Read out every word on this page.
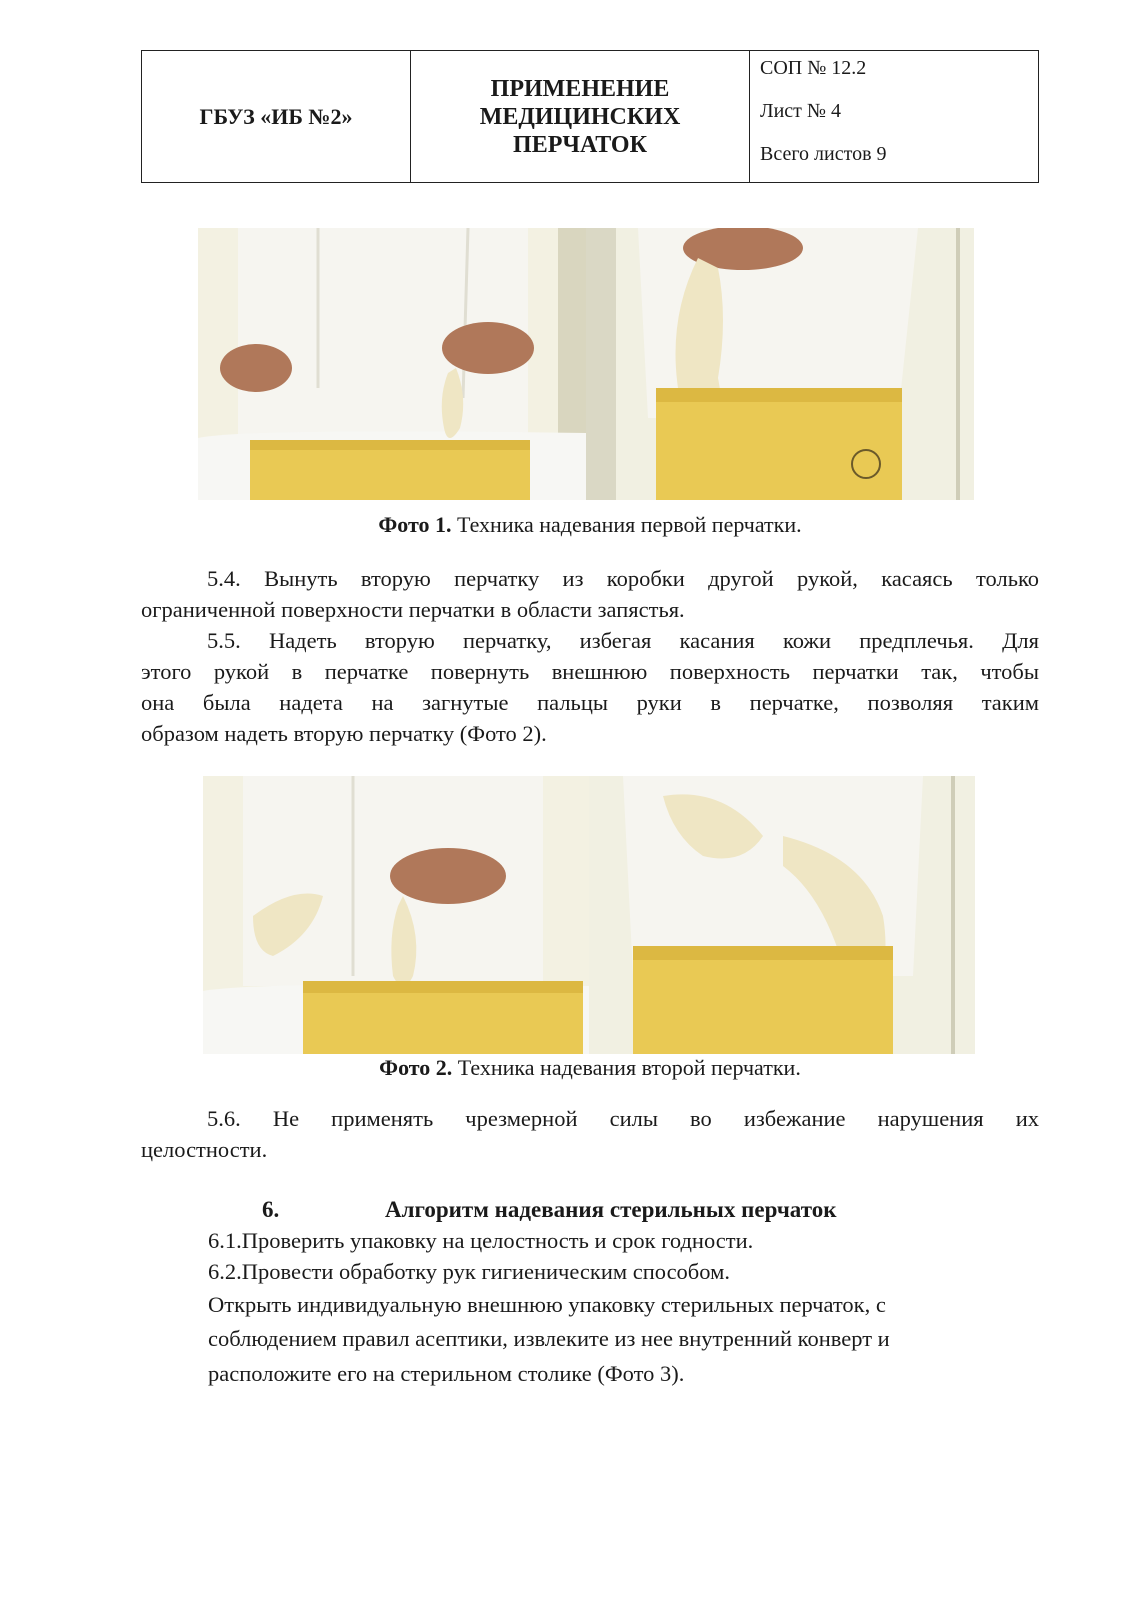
ГБУЗ «ИБ №2»
ПРИМЕНЕНИЕ
МЕДИЦИНСКИХ
ПЕРЧАТОК
СОП № 12.2
Лист № 4
Всего листов 9
Фото 1. Техника надевания первой перчатки.
5.4. Вынуть вторую перчатку из коробки другой рукой, касаясь только
ограниченной поверхности перчатки в области запястья.
5.5. Надеть вторую перчатку, избегая касания кожи предплечья. Для
этого рукой в перчатке повернуть внешнюю поверхность перчатки так, чтобы
она была надета на загнутые пальцы руки в перчатке, позволяя таким
образом надеть вторую перчатку (Фото 2).
Фото 2. Техника надевания второй перчатки.
5.6. Не применять чрезмерной силы во избежание нарушения их
целостности.
6.	Алгоритм надевания стерильных перчаток
6.1.Проверить упаковку на целостность и срок годности.
6.2.Провести обработку рук гигиеническим способом.
Открыть индивидуальную внешнюю упаковку стерильных перчаток, с
соблюдением правил асептики, извлеките из нее внутренний конверт и
расположите его на стерильном столике (Фото 3).
